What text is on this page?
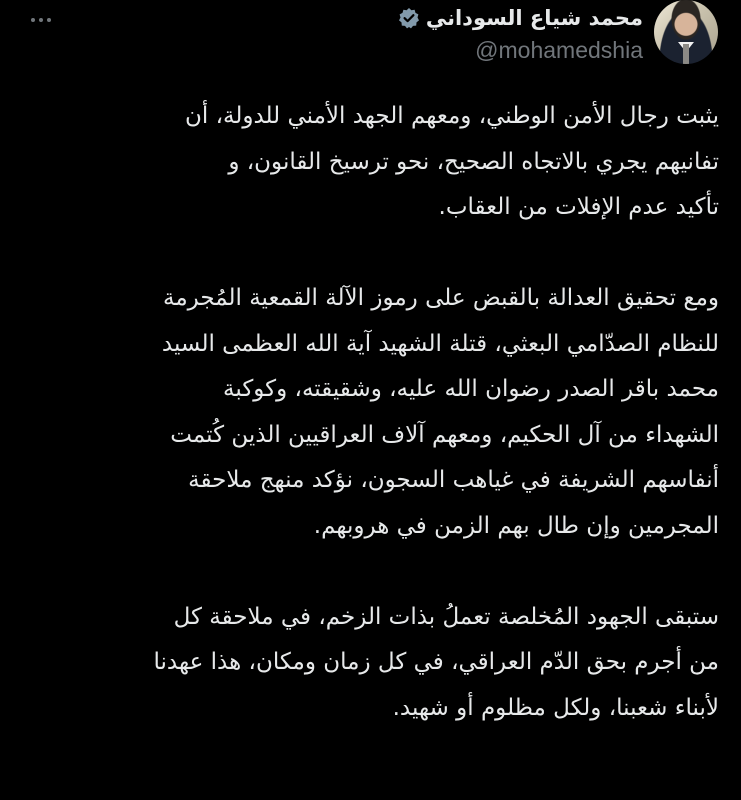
محمد شياع السوداني
@mohamedshia
يثبت رجال الأمن الوطني، ومعهم الجهد الأمني للدولة، أن
تفانيهم يجري بالاتجاه الصحيح، نحو ترسيخ القانون، و
تأكيد عدم الإفلات من العقاب.
ومع تحقيق العدالة بالقبض على رموز الآلة القمعية المُجرمة
للنظام الصدّامي البعثي، قتلة الشهيد آية الله العظمى السيد
محمد باقر الصدر رضوان الله عليه، وشقيقته، وكوكبة
الشهداء من آل الحكيم، ومعهم آلاف العراقيين الذين كُتمت
أنفاسهم الشريفة في غياهب السجون، نؤكد منهج ملاحقة
المجرمين وإن طال بهم الزمن في هروبهم.
ستبقى الجهود المُخلصة تعملُ بذات الزخم، في ملاحقة كل
من أجرم بحق الدّم العراقي، في كل زمان ومكان، هذا عهدنا
لأبناء شعبنا، ولكل مظلوم أو شهيد.
